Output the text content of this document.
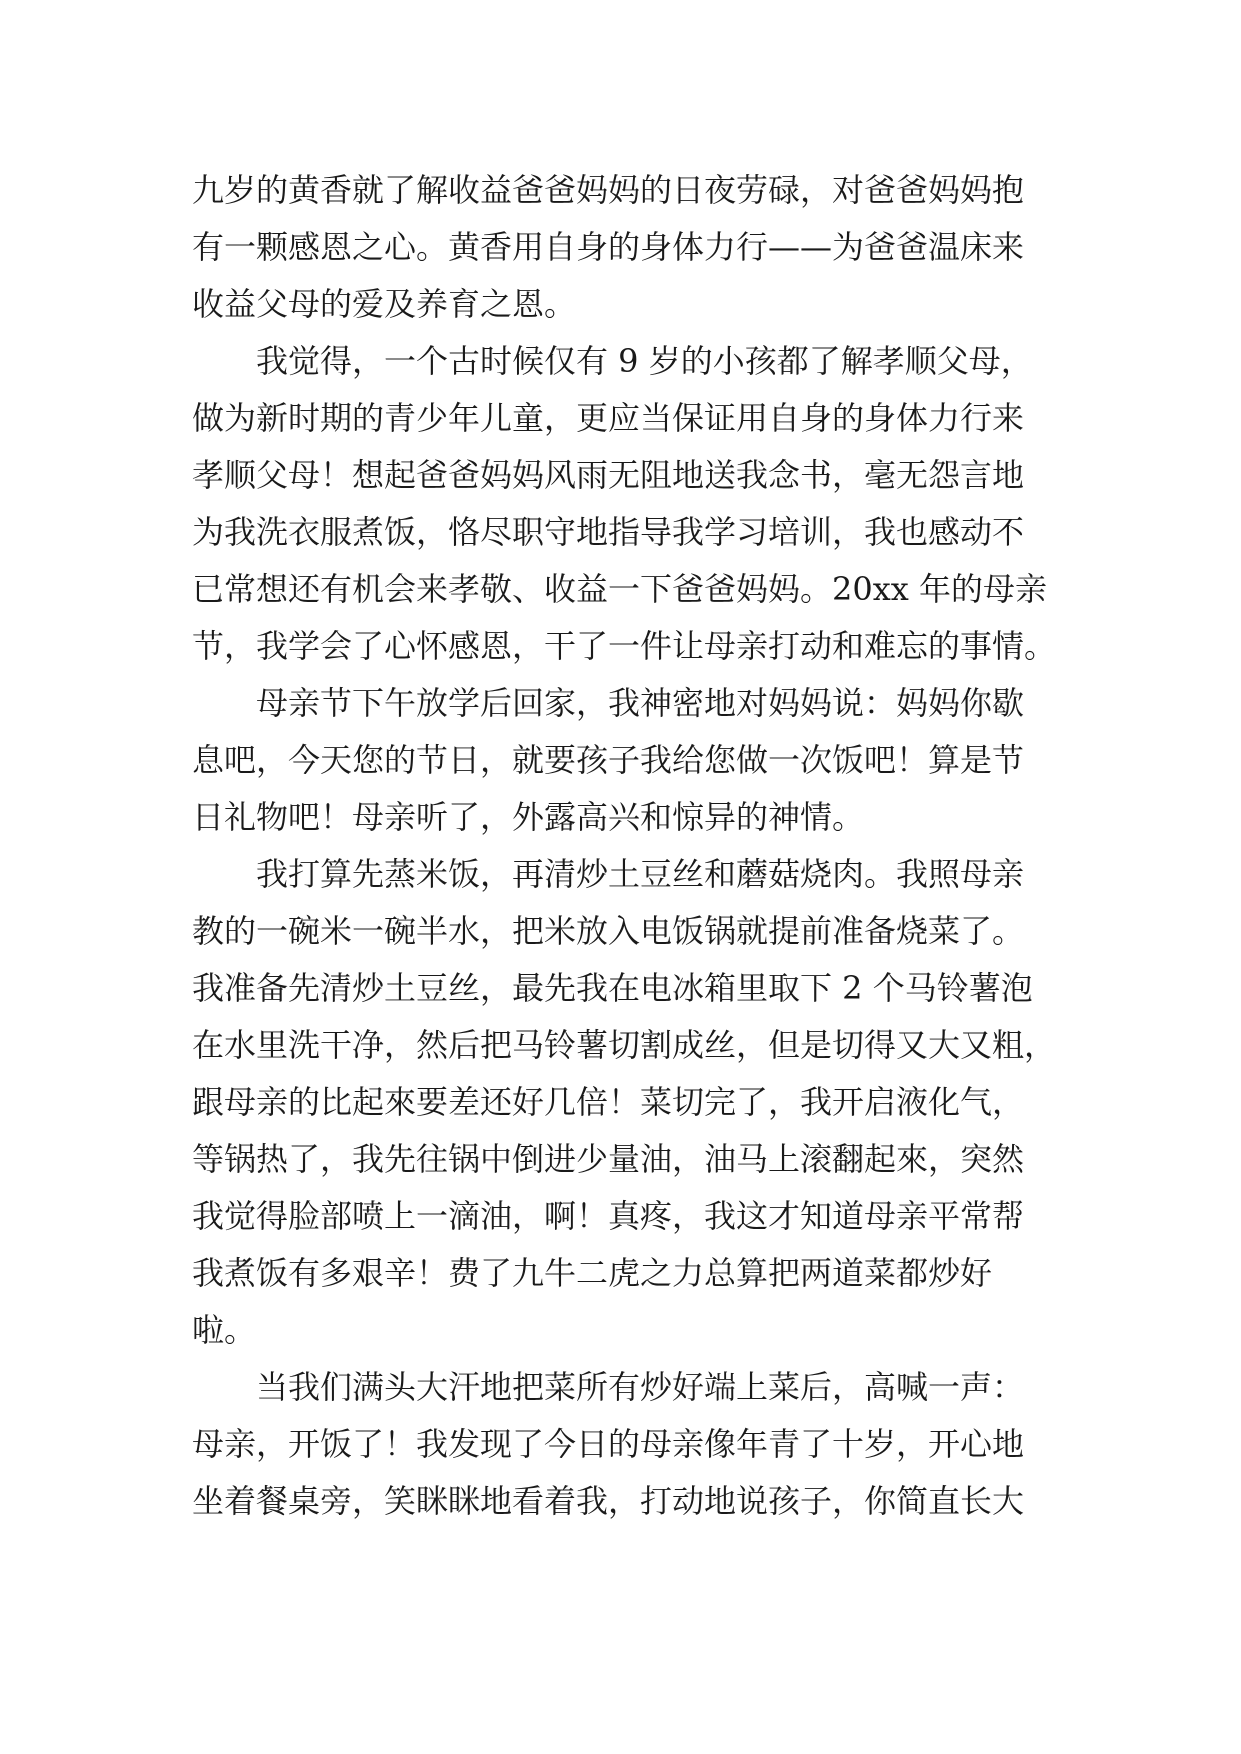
九岁的黄香就了解收益爸爸妈妈的日夜劳碌，对爸爸妈妈抱
有一颗感恩之心。黄香用自身的身体力行——为爸爸温床来
收益父母的爱及养育之恩。
我觉得，一个古时候仅有 9 岁的小孩都了解孝顺父母，
做为新时期的青少年儿童，更应当保证用自身的身体力行来
孝顺父母！想起爸爸妈妈风雨无阻地送我念书，毫无怨言地
为我洗衣服煮饭，恪尽职守地指导我学习培训，我也感动不
已常想还有机会来孝敬、收益一下爸爸妈妈。20xx 年的母亲
节，我学会了心怀感恩，干了一件让母亲打动和难忘的事情。
母亲节下午放学后回家，我神密地对妈妈说：妈妈你歇
息吧，今天您的节日，就要孩子我给您做一次饭吧！算是节
日礼物吧！母亲听了，外露高兴和惊异的神情。
我打算先蒸米饭，再清炒土豆丝和蘑菇烧肉。我照母亲
教的一碗米一碗半水，把米放入电饭锅就提前准备烧菜了。
我准备先清炒土豆丝，最先我在电冰箱里取下 2 个马铃薯泡
在水里洗干净，然后把马铃薯切割成丝，但是切得又大又粗，
跟母亲的比起來要差还好几倍！菜切完了，我开启液化气，
等锅热了，我先往锅中倒进少量油，油马上滚翻起來，突然
我觉得脸部喷上一滴油，啊！真疼，我这才知道母亲平常帮
我煮饭有多艰辛！费了九牛二虎之力总算把两道菜都炒好
啦。
当我们满头大汗地把菜所有炒好端上菜后，高喊一声：
母亲，开饭了！我发现了今日的母亲像年青了十岁，开心地
坐着餐桌旁，笑眯眯地看着我，打动地说孩子，你简直长大
